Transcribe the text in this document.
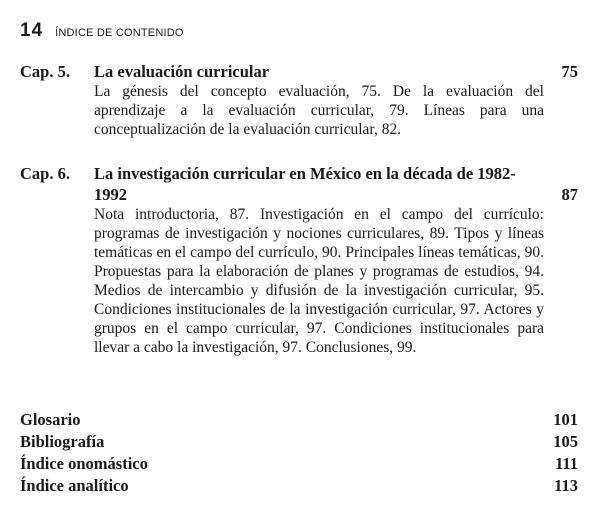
14 ÍNDICE DE CONTENIDO
Cap. 5. La evaluación curricular	75
La génesis del concepto evaluación, 75. De la evaluación del aprendizaje a la evaluación curricular, 79. Líneas para una conceptualización de la evaluación curricular, 82.
Cap. 6. La investigación curricular en México en la década de 1982-1992	87
Nota introductoria, 87. Investigación en el campo del currículo: programas de investigación y nociones curriculares, 89. Tipos y líneas temáticas en el campo del currículo, 90. Principales líneas temáticas, 90. Propuestas para la elaboración de planes y programas de estudios, 94. Medios de intercambio y difusión de la investigación curricular, 95. Condiciones institucionales de la investigación curricular, 97. Actores y grupos en el campo curricular, 97. Condiciones institucionales para llevar a cabo la investigación, 97. Conclusiones, 99.
Glosario	101
Bibliografía	105
Índice onomástico	111
Índice analítico	113
